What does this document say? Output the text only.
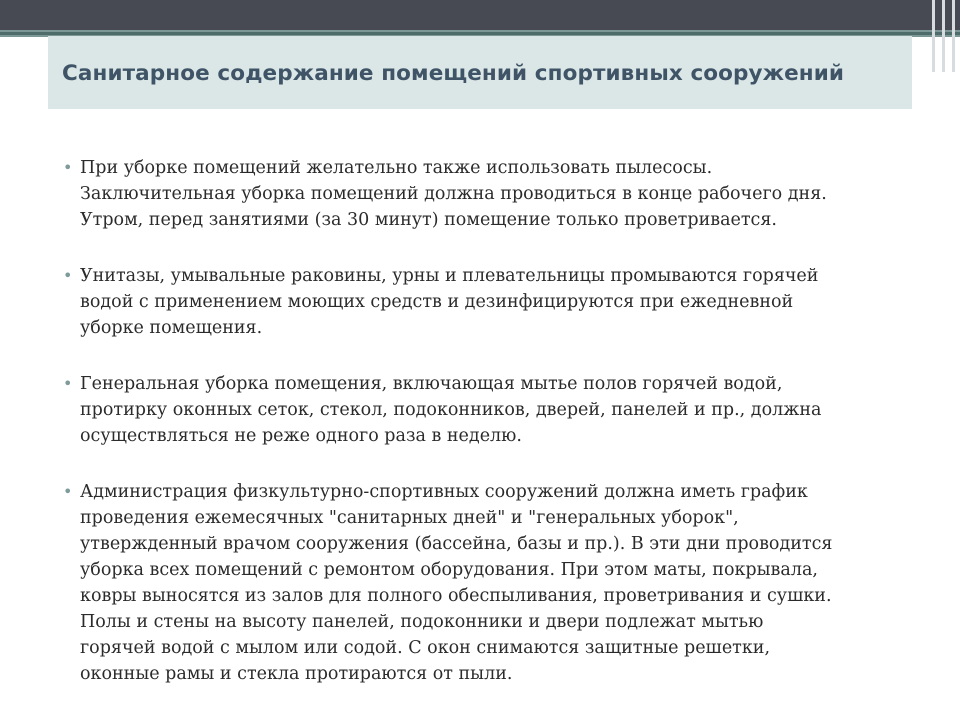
Санитарное содержание помещений спортивных сооружений
• При уборке помещений желательно также использовать пылесосы.
Заключительная уборка помещений должна проводиться в конце рабочего дня.
Утром, перед занятиями (за 30 минут) помещение только проветривается.
• Унитазы, умывальные раковины, урны и плевательницы промываются горячей
водой с применением моющих средств и дезинфицируются при ежедневной
уборке помещения.
• Генеральная уборка помещения, включающая мытье полов горячей водой,
протирку оконных сеток, стекол, подоконников, дверей, панелей и пр., должна
осуществляться не реже одного раза в неделю.
• Администрация физкультурно-спортивных сооружений должна иметь график
проведения ежемесячных "санитарных дней" и "генеральных уборок",
утвержденный врачом сооружения (бассейна, базы и пр.). В эти дни проводится
уборка всех помещений с ремонтом оборудования. При этом маты, покрывала,
ковры выносятся из залов для полного обеспыливания, проветривания и сушки.
Полы и стены на высоту панелей, подоконники и двери подлежат мытью
горячей водой с мылом или содой. С окон снимаются защитные решетки,
оконные рамы и стекла протираются от пыли.
